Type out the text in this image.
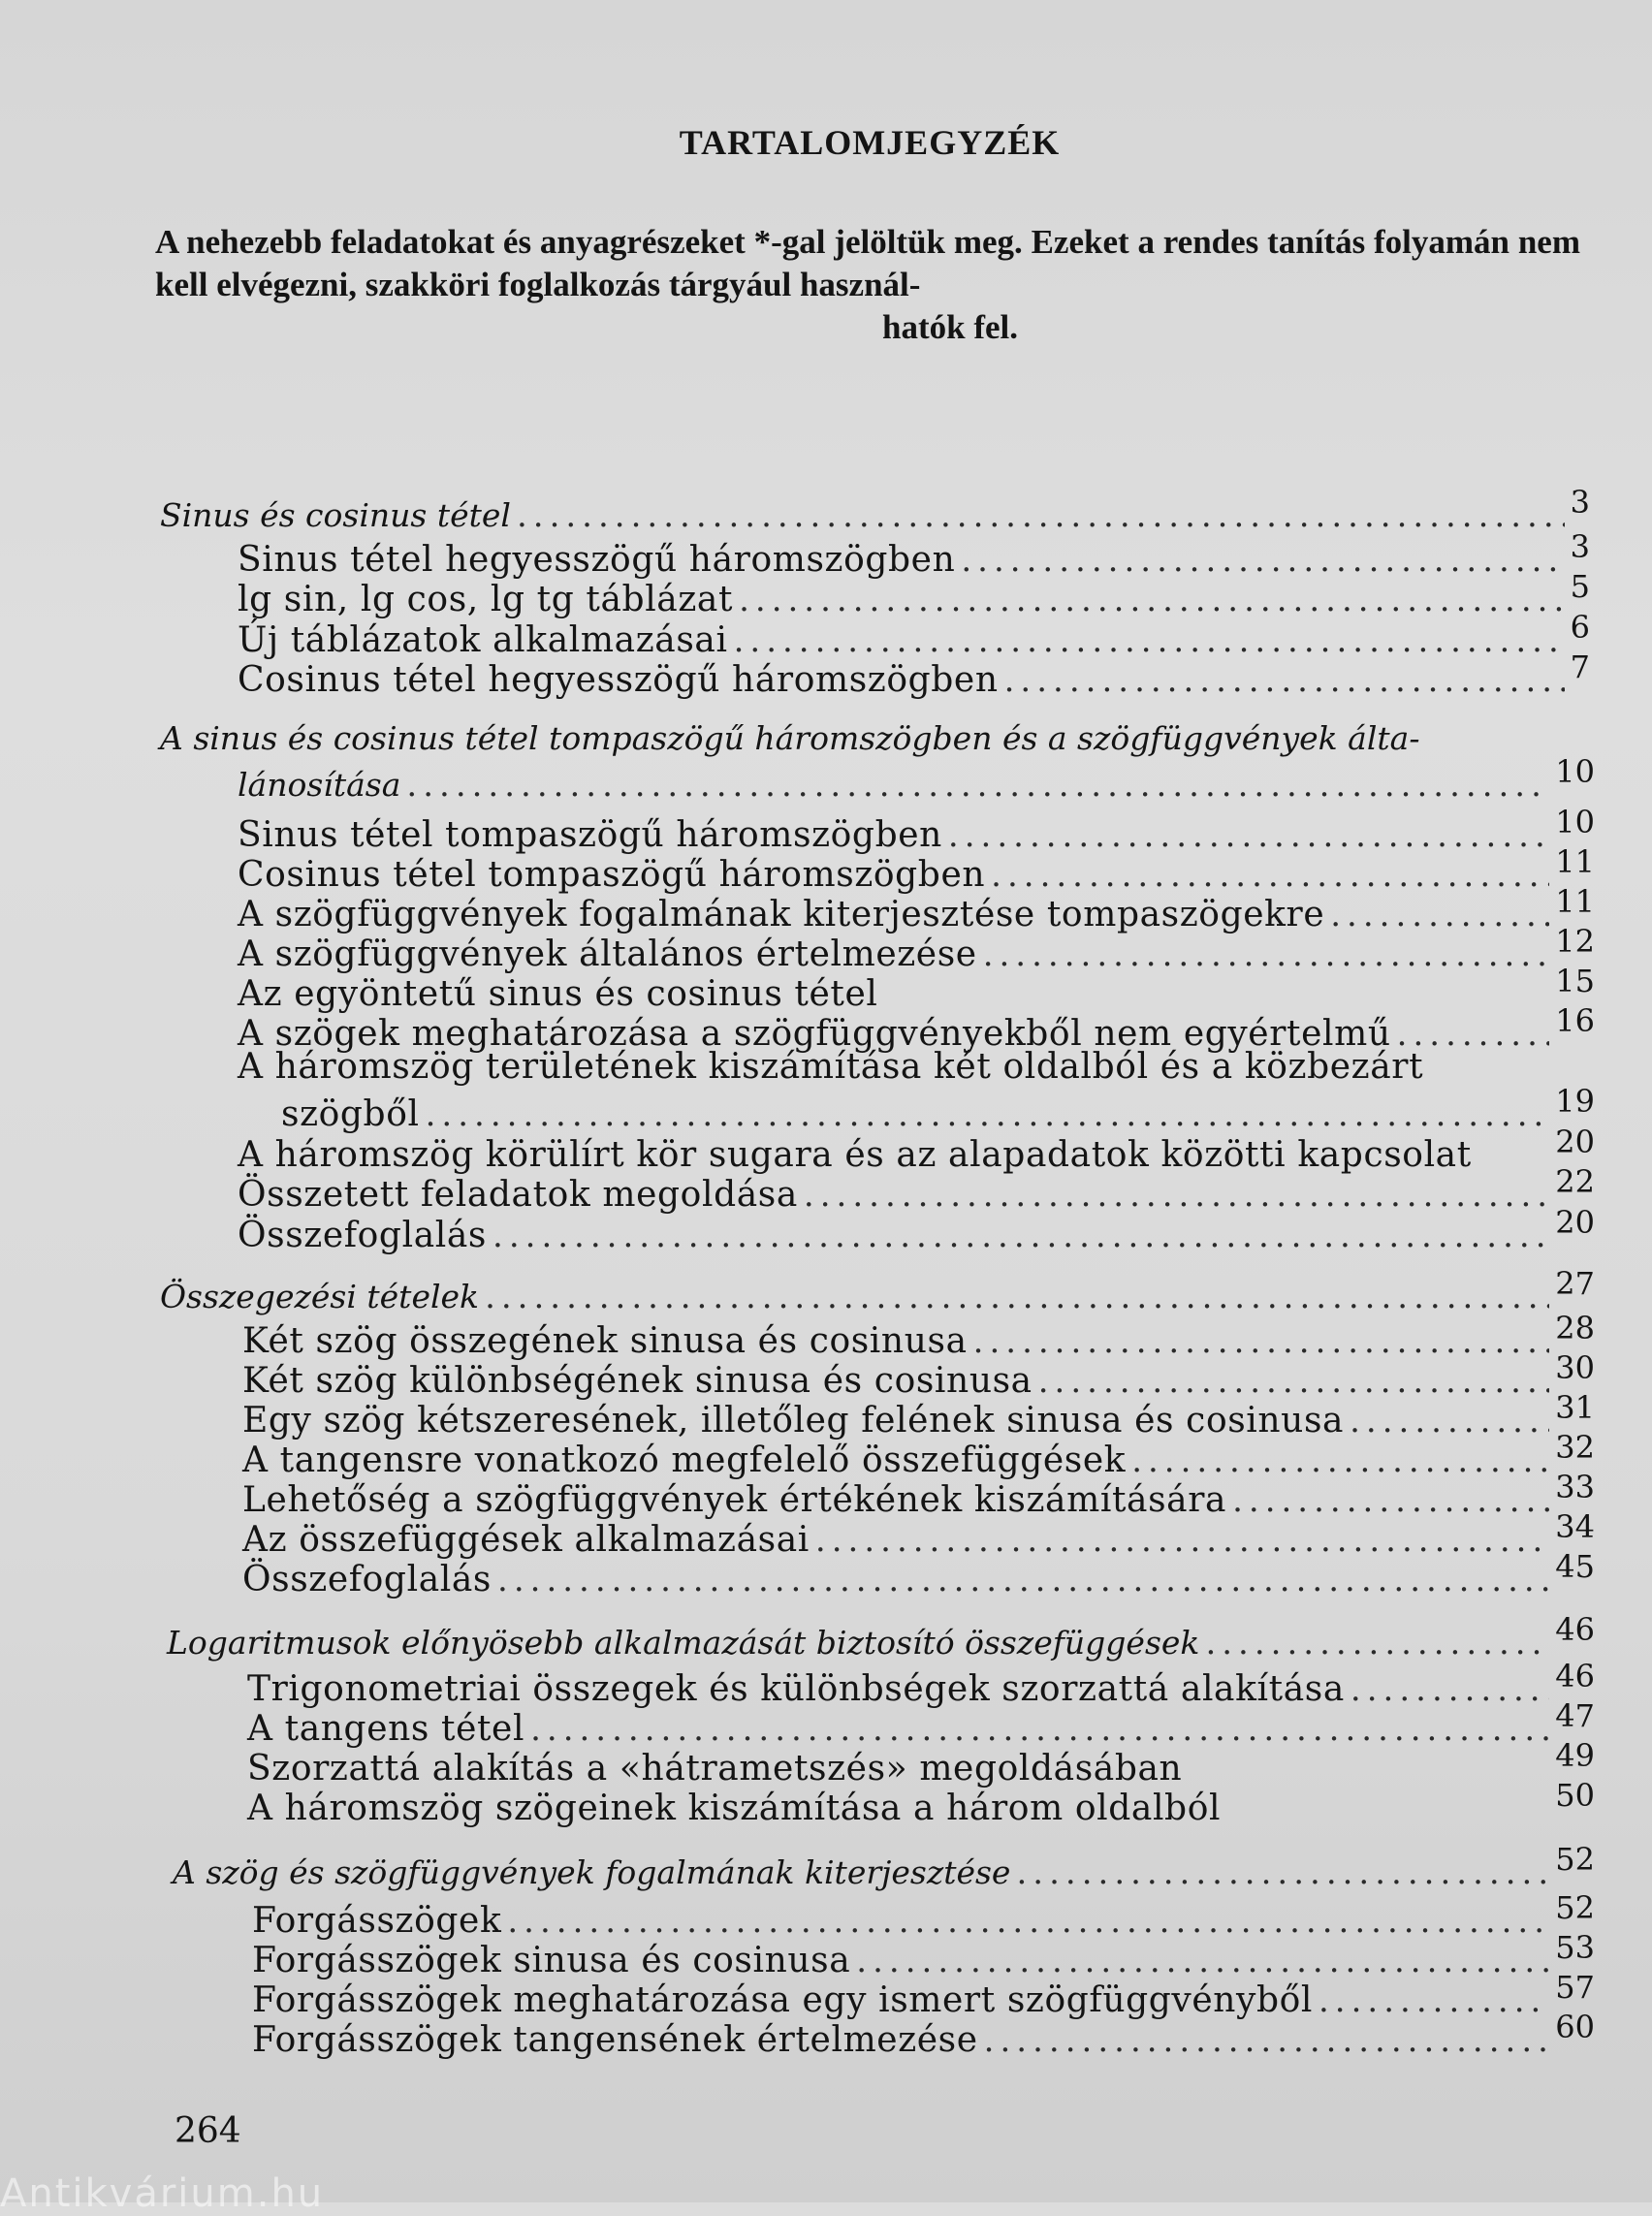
TARTALOMJEGYZÉK
A nehezebb feladatokat és anyagrészeket *-gal jelöltük meg. Ezeket a rendes tanítás folyamán nem kell elvégezni, szakköri foglalkozás tárgyául használ-
hatók fel.
Sinus és cosinus tétel .....	3
Sinus tétel hegyesszögű háromszögben .....	3
lg sin, lg cos, lg tg táblázat .....	5
Új táblázatok alkalmazásai .....	6
Cosinus tétel hegyesszögű háromszögben .....	7
A sinus és cosinus tétel tompaszögű háromszögben és a szögfüggvények álta-
lánosítása .....	10
Sinus tétel tompaszögű háromszögben .....	10
Cosinus tétel tompaszögű háromszögben .....	11
A szögfüggvények fogalmának kiterjesztése tompaszögekre .....	11
A szögfüggvények általános értelmezése .....	12
Az egyöntetű sinus és cosinus tétel	15
A szögek meghatározása a szögfüggvényekből nem egyértelmű .....	16
A háromszög területének kiszámítása két oldalból és a közbezárt
szögből .....	19
A háromszög körülírt kör sugara és az alapadatok közötti kapcsolat	20
Összetett feladatok megoldása .....	22
Összefoglalás .....	20
Összegezési tételek .....	27
Két szög összegének sinusa és cosinusa .....	28
Két szög különbségének sinusa és cosinusa .....	30
Egy szög kétszeresének, illetőleg felének sinusa és cosinusa .....	31
A tangensre vonatkozó megfelelő összefüggések .....	32
Lehetőség a szögfüggvények értékének kiszámítására .....	33
Az összefüggések alkalmazásai .....	34
Összefoglalás .....	45
Logaritmusok előnyösebb alkalmazását biztosító összefüggések .....	46
Trigonometriai összegek és különbségek szorzattá alakítása .....	46
A tangens tétel .....	47
Szorzattá alakítás a «hátrametszés» megoldásában	49
A háromszög szögeinek kiszámítása a három oldalból	50
A szög és szögfüggvények fogalmának kiterjesztése .....	52
Forgásszögek .....	52
Forgásszögek sinusa és cosinusa .....	53
Forgásszögek meghatározása egy ismert szögfüggvényből .....	57
Forgásszögek tangensének értelmezése .....	60
264
Antikvárium.hu
